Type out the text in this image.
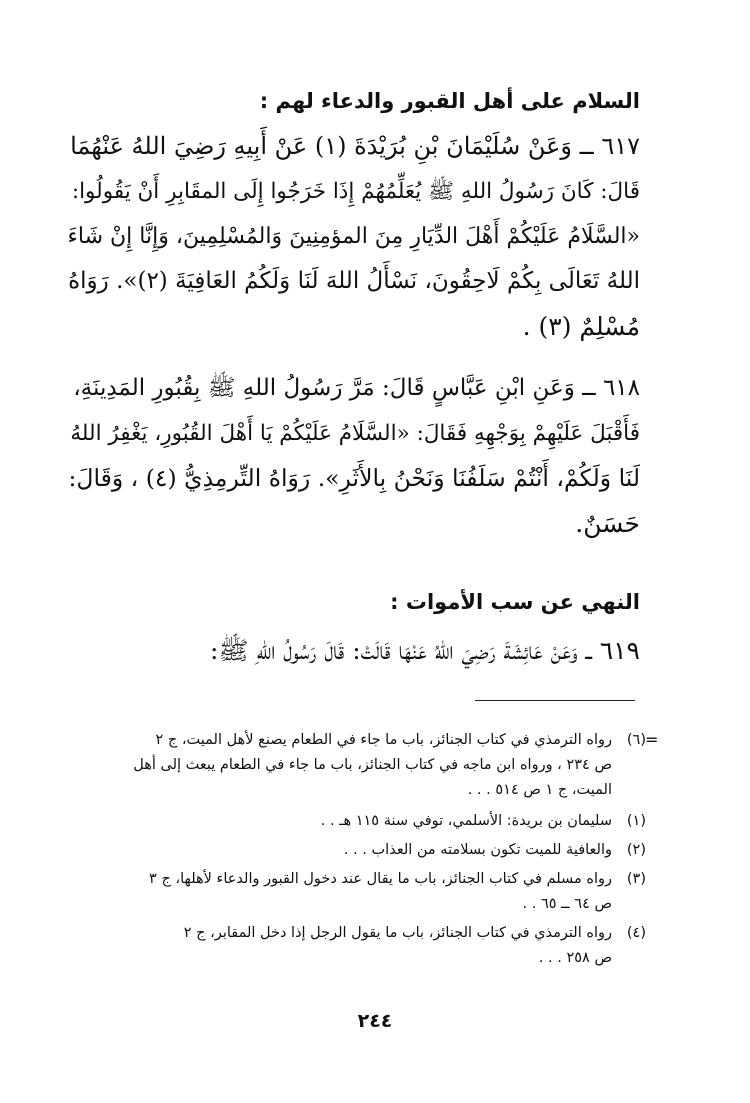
السلام على أهل القبور والدعاء لهم :
٦١٧ ــ وَعَنْ سُلَيْمَانَ بْنِ بُرَيْدَةَ (١) عَنْ أَبِيهِ رَضِيَ اللهُ عَنْهُمَا
قَالَ: كَانَ رَسُولُ اللهِ ﷺ يُعَلِّمُهُمْ إِذَا خَرَجُوا إِلَى المقَابِرِ أَنْ يَقُولُوا:
«السَّلَامُ عَلَيْكُمْ أَهْلَ الدِّيَارِ مِنَ المؤمِنِينَ وَالمُسْلِمِينَ، وَإِنَّا إِنْ شَاءَ
اللهُ تَعَالَى بِكُمْ لَاحِقُونَ، نَسْأَلُ اللهَ لَنَا وَلَكُمُ العَافِيَةَ (٢)». رَوَاهُ
مُسْلِمٌ (٣) .
٦١٨ ــ وَعَنِ ابْنِ عَبَّاسٍ قَالَ: مَرَّ رَسُولُ اللهِ ﷺ بِقُبُورِ المَدِينَةِ،
فَأَقْبَلَ عَلَيْهِمْ بِوَجْهِهِ فَقَالَ: «السَّلَامُ عَلَيْكُمْ يَا أَهْلَ القُبُورِ، يَغْفِرُ اللهُ
لَنَا وَلَكُمْ، أَنْتُمْ سَلَفُنَا وَنَحْنُ بِالأَثَرِ». رَوَاهُ التِّرمِذِيُّ (٤) ، وَقَالَ:
حَسَنٌ.
النهي عن سب الأموات :
٦١٩ ــ وَعَنْ عَائِشَةَ رَضِيَ اللهُ عَنْهَا قَالَتْ: قَالَ رَسُولُ اللهِ ﷺ:
=
(٦)رواه الترمذي في كتاب الجنائز، باب ما جاء في الطعام يصنع لأهل الميت، ج ٢
ص ٢٣٤ ، ورواه ابن ماجه في كتاب الجنائز، باب ما جاء في الطعام يبعث إلى أهل
الميت، ج ١ ص ٥١٤ . . .
(١)سليمان بن بريدة: الأسلمي، توفي سنة ١١٥ هـ . .
(٢)والعافية للميت تكون بسلامته من العذاب . . .
(٣)رواه مسلم في كتاب الجنائز، باب ما يقال عند دخول القبور والدعاء لأهلها، ج ٣
ص ٦٤ ــ ٦٥ . .
(٤)رواه الترمذي في كتاب الجنائز، باب ما يقول الرجل إذا دخل المقابر، ج ٢
ص ٢٥٨ . . .
٢٤٤
